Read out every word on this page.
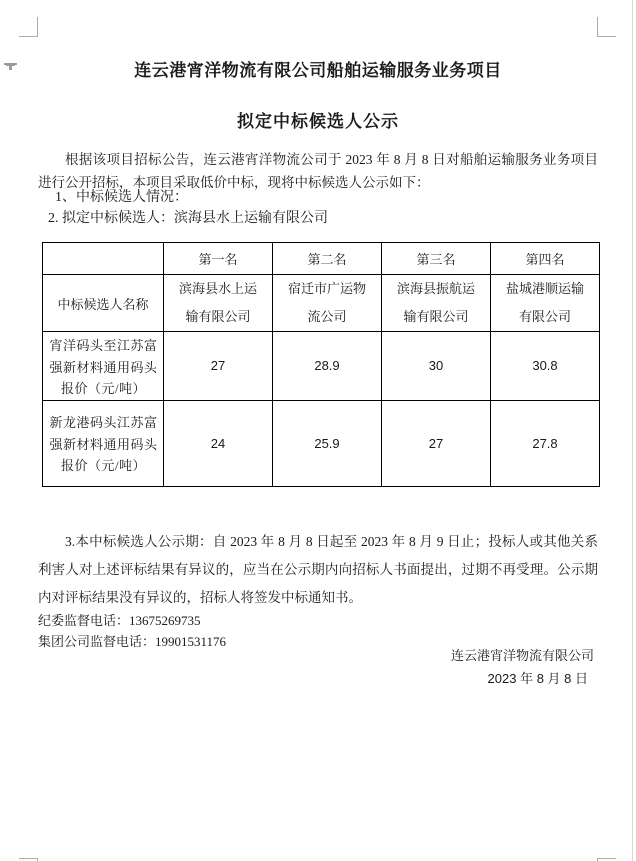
连云港宵洋物流有限公司船舶运输服务业务项目
拟定中标候选人公示
根据该项目招标公告，连云港宵洋物流公司于 2023 年 8 月 8 日对船舶运输服务业务项目进行公开招标，本项目采取低价中标，现将中标候选人公示如下：
1、中标候选人情况：
2. 拟定中标候选人：滨海县水上运输有限公司
	第一名	第二名	第三名	第四名
中标候选人名称	滨海县水上运输有限公司	宿迁市广运物流公司	滨海县振航运输有限公司	盐城港顺运输有限公司
宵洋码头至江苏富强新材料通用码头报价（元/吨）	27	28.9	30	30.8
新龙港码头江苏富强新材料通用码头报价（元/吨）	24	25.9	27	27.8
3.本中标候选人公示期：自 2023 年 8 月 8 日起至 2023 年 8 月 9 日止；投标人或其他关系利害人对上述评标结果有异议的，应当在公示期内向招标人书面提出，过期不再受理。公示期内对评标结果没有异议的，招标人将签发中标通知书。
纪委监督电话：13675269735
集团公司监督电话：19901531176
连云港宵洋物流有限公司
2023 年 8 月 8 日
